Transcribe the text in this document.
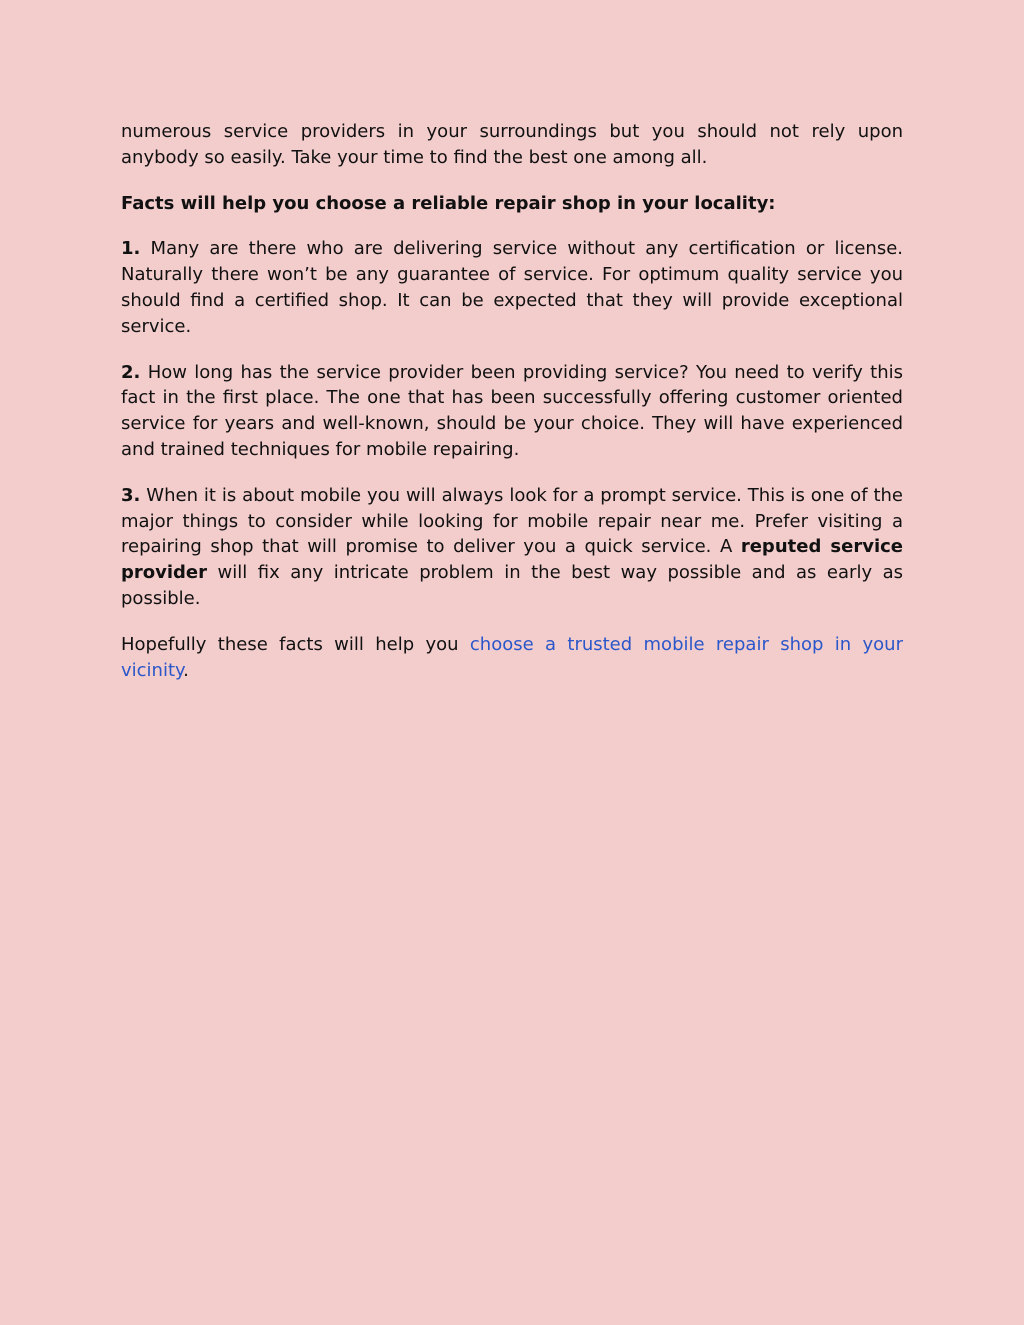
numerous service providers in your surroundings but you should not rely upon anybody so easily. Take your time to find the best one among all.

Facts will help you choose a reliable repair shop in your locality:

1. Many are there who are delivering service without any certification or license. Naturally there won’t be any guarantee of service. For optimum quality service you should find a certified shop. It can be expected that they will provide exceptional service.

2. How long has the service provider been providing service? You need to verify this fact in the first place. The one that has been successfully offering customer oriented service for years and well-known, should be your choice. They will have experienced and trained techniques for mobile repairing.

3. When it is about mobile you will always look for a prompt service. This is one of the major things to consider while looking for mobile repair near me. Prefer visiting a repairing shop that will promise to deliver you a quick service. A reputed service provider will fix any intricate problem in the best way possible and as early as possible.

Hopefully these facts will help you choose a trusted mobile repair shop in your vicinity.
